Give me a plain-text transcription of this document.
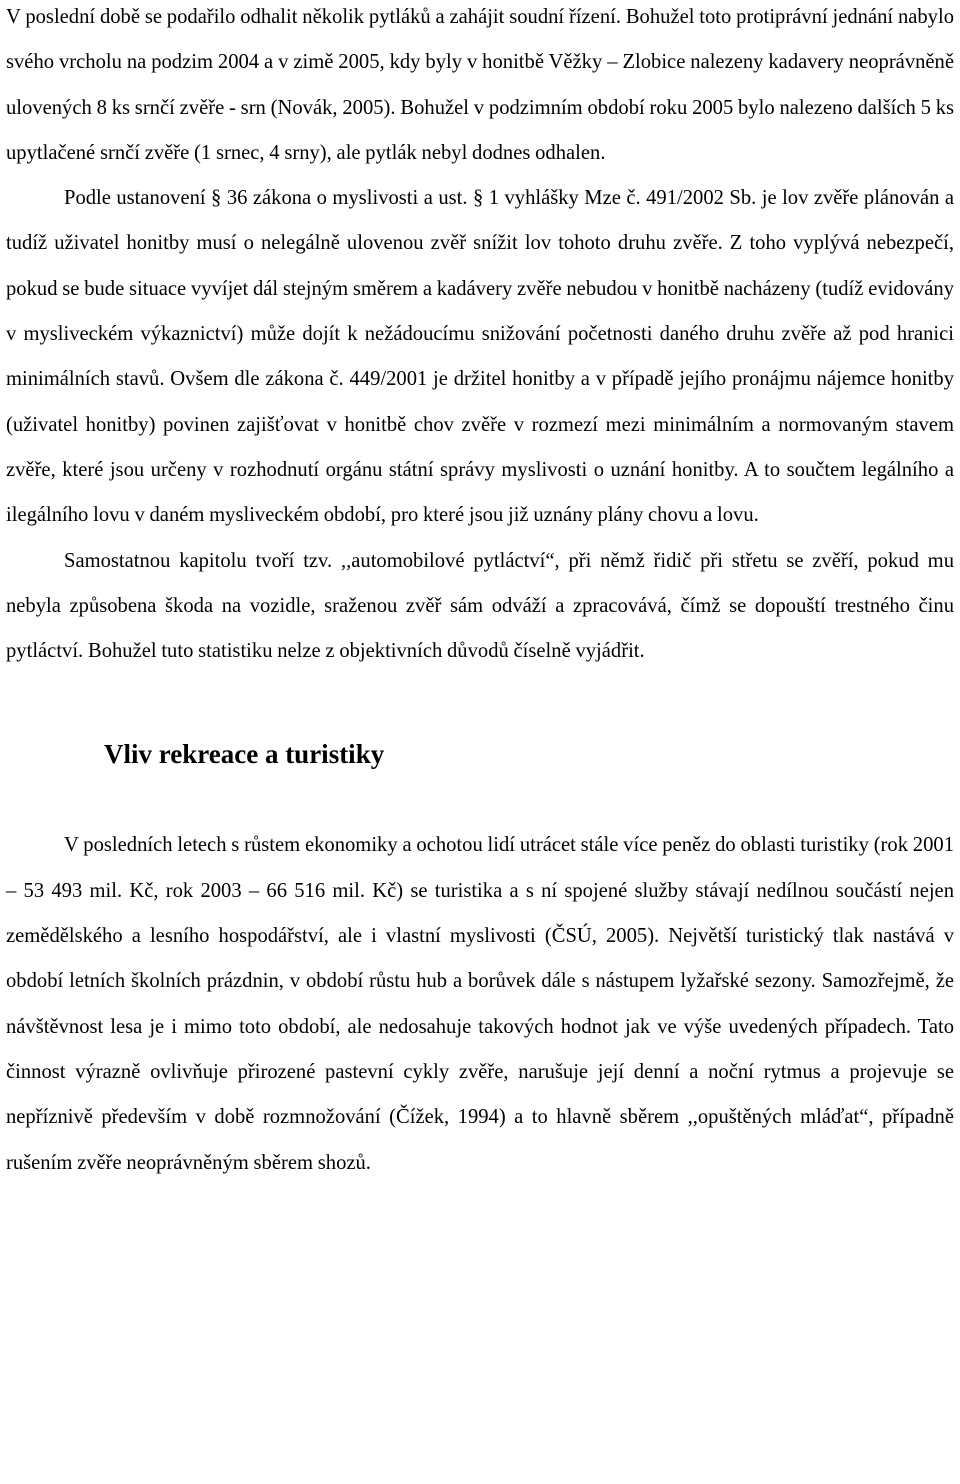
V poslední době se podařilo odhalit několik pytláků a zahájit soudní řízení. Bohužel toto protiprávní jednání nabylo svého vrcholu na podzim 2004 a v zimě 2005, kdy byly v honitbě Věžky – Zlobice nalezeny kadavery neoprávněně ulovených 8 ks srnčí zvěře - srn (Novák, 2005). Bohužel v podzimním období roku 2005 bylo nalezeno dalších 5 ks upytlačené srnčí zvěře (1 srnec, 4 srny), ale pytlák nebyl dodnes odhalen.

Podle ustanovení § 36 zákona o myslivosti a ust. § 1 vyhlášky Mze č. 491/2002 Sb. je lov zvěře plánován a tudíž uživatel honitby musí o nelegálně ulovenou zvěř snížit lov tohoto druhu zvěře. Z toho vyplývá nebezpečí, pokud se bude situace vyvíjet dál stejným směrem a kadávery zvěře nebudou v honitbě nacházeny (tudíž evidovány v mysliveckém výkaznictví) může dojít k nežádoucímu snižování početnosti daného druhu zvěře až pod hranici minimálních stavů. Ovšem dle zákona č. 449/2001 je držitel honitby a v případě jejího pronájmu nájemce honitby (uživatel honitby) povinen zajišťovat v honitbě chov zvěře v rozmezí mezi minimálním a normovaným stavem zvěře, které jsou určeny v rozhodnutí orgánu státní správy myslivosti o uznání honitby. A to součtem legálního a ilegálního lovu v daném mysliveckém období, pro které jsou již uznány plány chovu a lovu.

Samostatnou kapitolu tvoří tzv. ,,automobilové pytláctví“, při němž řidič při střetu se zvěří, pokud mu nebyla způsobena škoda na vozidle, sraženou zvěř sám odváží a zpracovává, čímž se dopouští trestného činu pytláctví. Bohužel tuto statistiku nelze z objektivních důvodů číselně vyjádřit.

Vliv rekreace a turistiky

V posledních letech s růstem ekonomiky a ochotou lidí utrácet stále více peněz do oblasti turistiky (rok 2001 – 53 493 mil. Kč, rok 2003 – 66 516 mil. Kč) se turistika a s ní spojené služby stávají nedílnou součástí nejen zemědělského a lesního hospodářství, ale i vlastní myslivosti (ČSÚ, 2005). Největší turistický tlak nastává v období letních školních prázdnin, v období růstu hub a borůvek dále s nástupem lyžařské sezony. Samozřejmě, že návštěvnost lesa je i mimo toto období, ale nedosahuje takových hodnot jak ve výše uvedených případech. Tato činnost výrazně ovlivňuje přirozené pastevní cykly zvěře, narušuje její denní a noční rytmus a projevuje se nepříznivě především v době rozmnožování (Čížek, 1994) a to hlavně sběrem ,,opuštěných mláďat“, případně rušením zvěře neoprávněným sběrem shozů.
